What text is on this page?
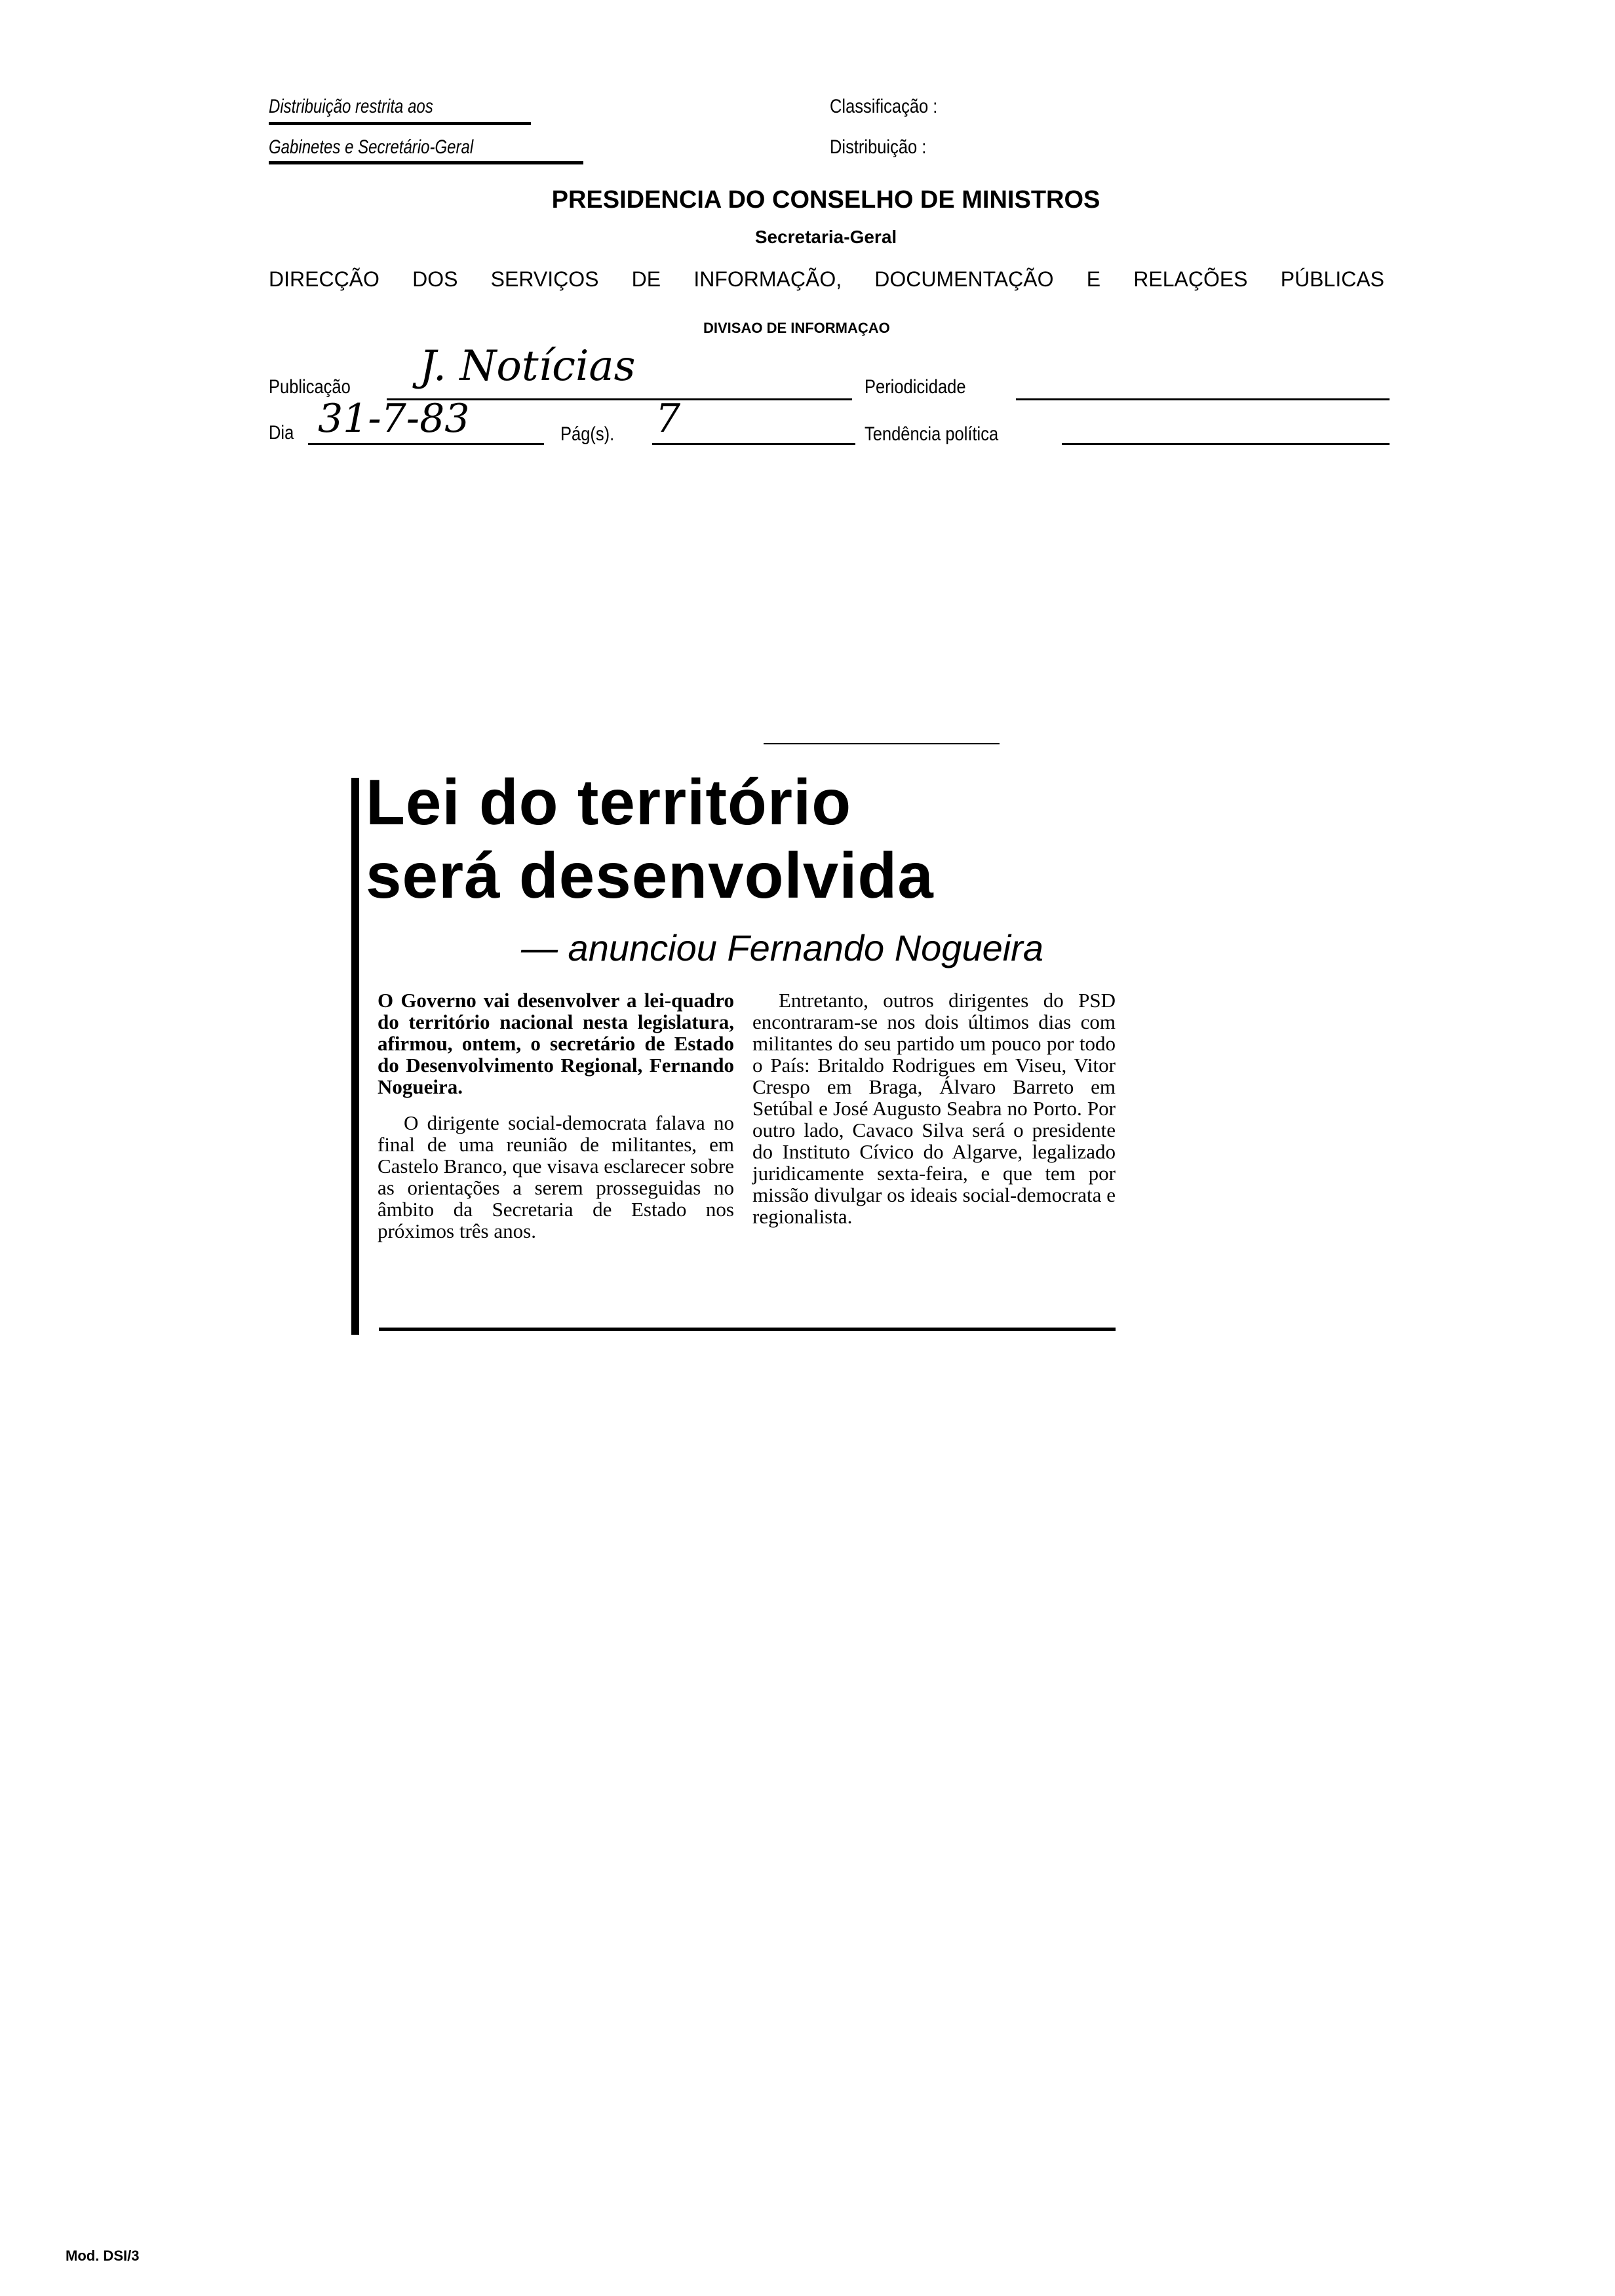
Distribuição restrita aos
Gabinetes e Secretário-Geral
Classificação :
Distribuição :
PRESIDENCIA DO CONSELHO DE MINISTROS
Secretaria-Geral
DIRECÇÃO DOS SERVIÇOS DE INFORMAÇÃO, DOCUMENTAÇÃO E RELAÇÕES PÚBLICAS
DIVISAO DE INFORMAÇAO
Publicação J. Notícias	Periodicidade
Dia 31-7-83	Pág(s). 7	Tendência política
Lei do território
será desenvolvida
— anunciou Fernando Nogueira

O Governo vai desenvolver a lei-quadro do território nacional nesta legislatura, afirmou, ontem, o secretário de Estado do Desenvolvimento Regional, Fernando Nogueira.

O dirigente social-democrata falava no final de uma reunião de militantes, em Castelo Branco, que visava esclarecer sobre as orientações a serem prosseguidas no âmbito da Secretaria de Estado nos próximos três anos.

Entretanto, outros dirigentes do PSD encontraram-se nos dois últimos dias com militantes do seu partido um pouco por todo o País: Britaldo Rodrigues em Viseu, Vitor Crespo em Braga, Álvaro Barreto em Setúbal e José Augusto Seabra no Porto. Por outro lado, Cavaco Silva será o presidente do Instituto Cívico do Algarve, legalizado juridicamente sexta-feira, e que tem por missão divulgar os ideais social-democrata e regionalista.

Mod. DSI/3
